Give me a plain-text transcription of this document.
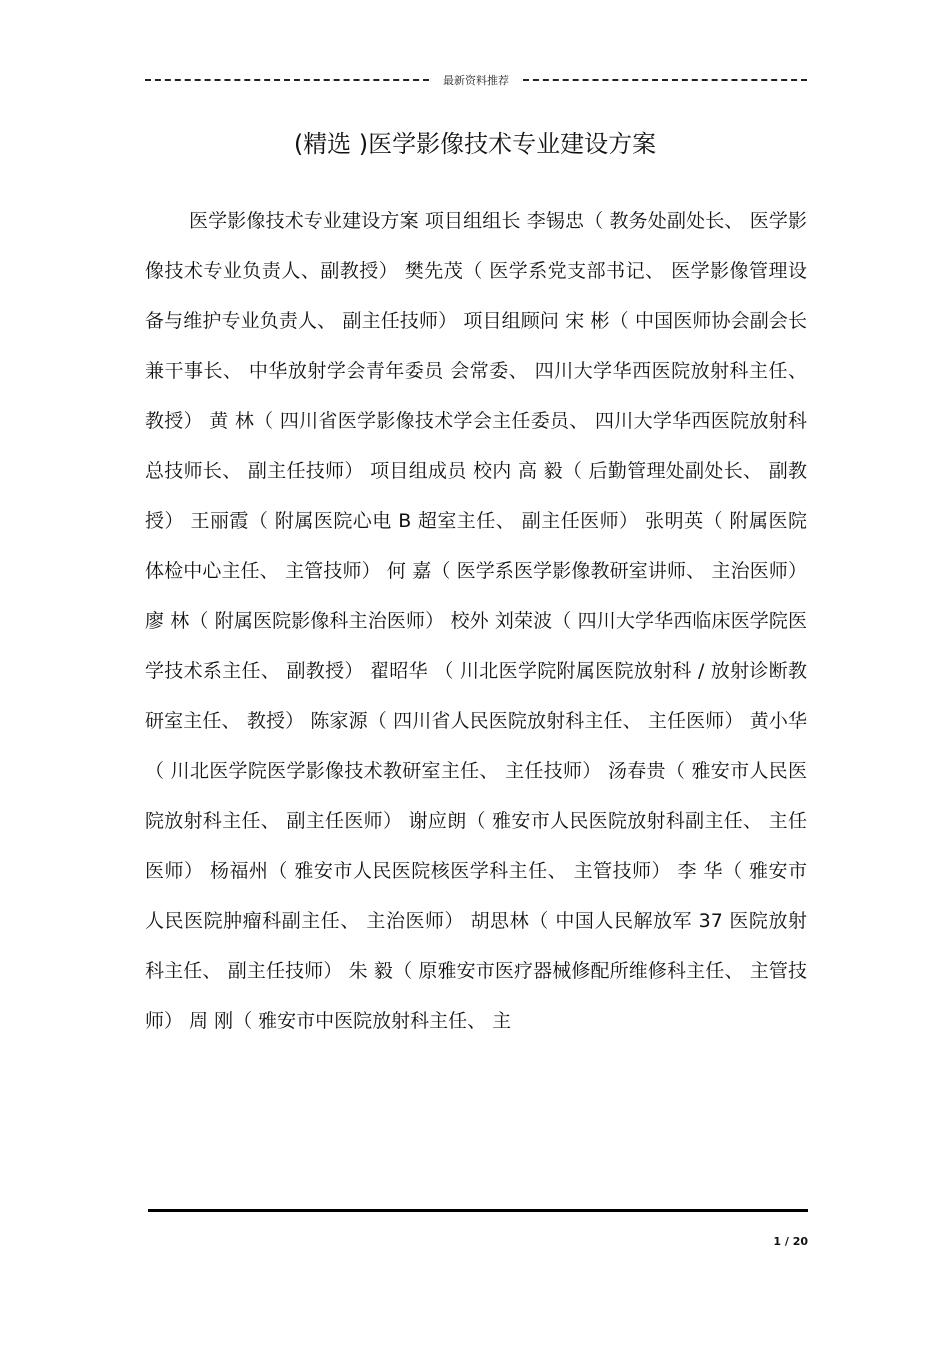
最新资料推荐
(精选 )医学影像技术专业建设方案

医学影像技术专业建设方案 项目组组长 李锡忠（ 教务处副处长、 医学影像技术专业负责人、副教授） 樊先茂（ 医学系党支部书记、 医学影像管理设备与维护专业负责人、 副主任技师） 项目组顾问 宋 彬（ 中国医师协会副会长兼干事长、 中华放射学会青年委员 会常委、 四川大学华西医院放射科主任、 教授） 黄 林（ 四川省医学影像技术学会主任委员、 四川大学华西医院放射科总技师长、 副主任技师） 项目组成员 校内 高 毅（ 后勤管理处副处长、 副教授） 王丽霞（ 附属医院心电 B 超室主任、 副主任医师） 张明英（ 附属医院体检中心主任、 主管技师） 何 嘉（ 医学系医学影像教研室讲师、 主治医师） 廖 林（ 附属医院影像科主治医师） 校外 刘荣波（ 四川大学华西临床医学院医学技术系主任、 副教授） 翟昭华 （ 川北医学院附属医院放射科 / 放射诊断教研室主任、 教授） 陈家源（ 四川省人民医院放射科主任、 主任医师） 黄小华（ 川北医学院医学影像技术教研室主任、 主任技师） 汤春贵（ 雅安市人民医院放射科主任、 副主任医师） 谢应朗（ 雅安市人民医院放射科副主任、 主任医师） 杨福州（ 雅安市人民医院核医学科主任、 主管技师） 李 华（ 雅安市人民医院肿瘤科副主任、 主治医师） 胡思林（ 中国人民解放军 37 医院放射科主任、 副主任技师） 朱 毅（ 原雅安市医疗器械修配所维修科主任、 主管技师） 周 刚（ 雅安市中医院放射科主任、 主

1 / 20
